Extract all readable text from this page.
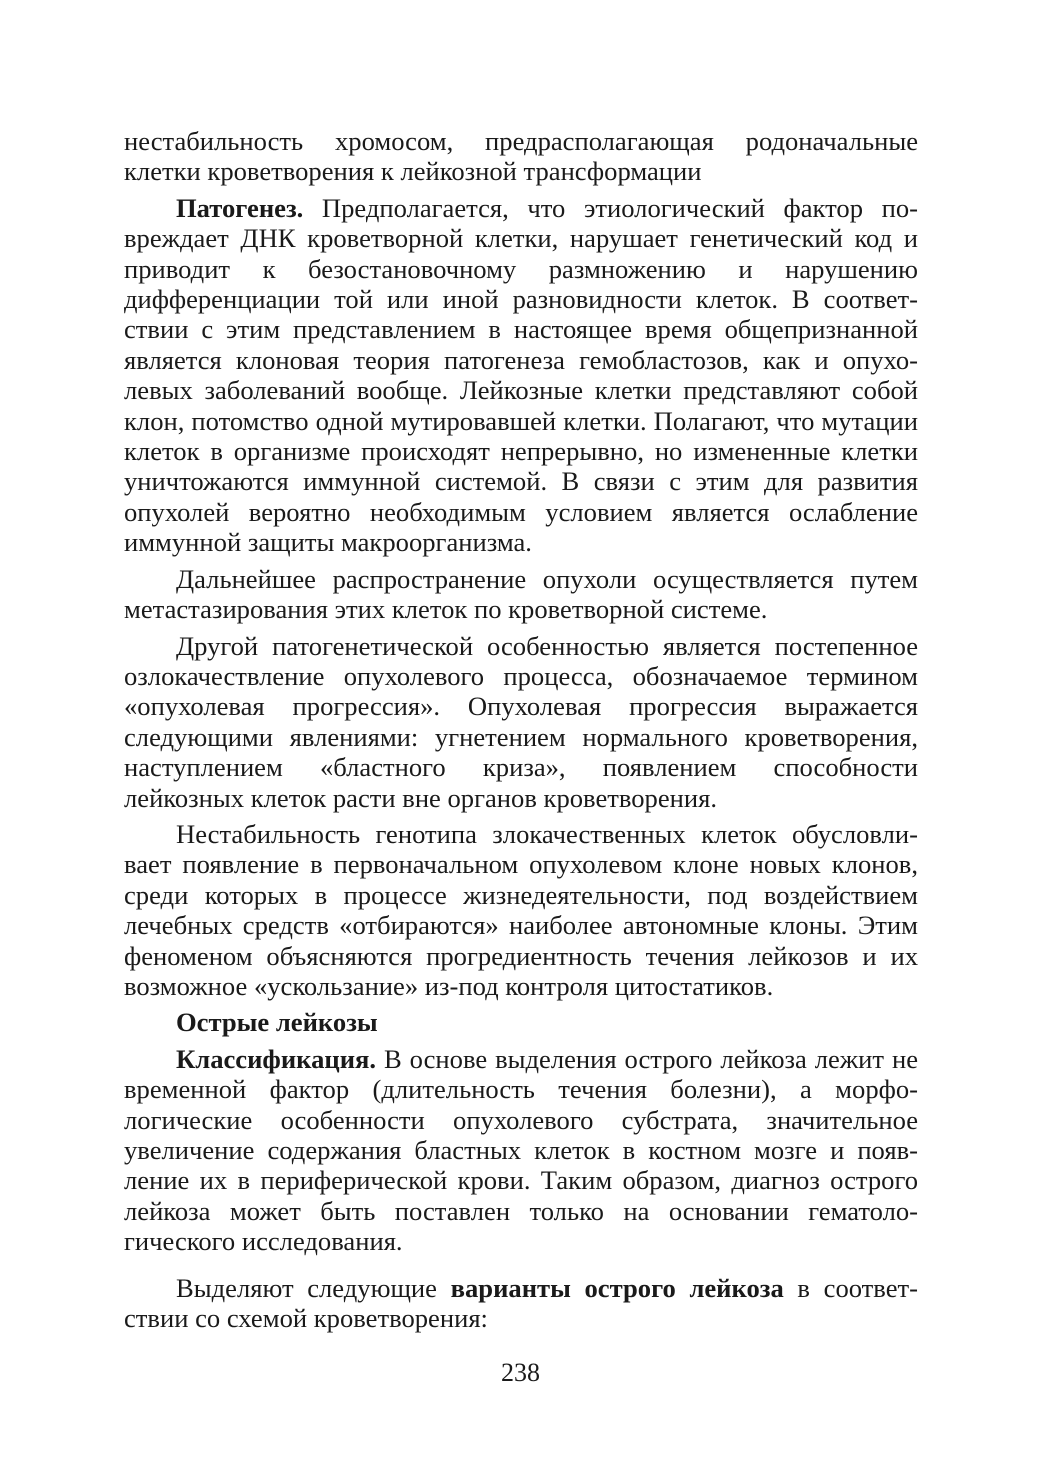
нестабильность хромосом, предрасполагающая родоначальные клетки кроветворения к лейкозной трансформации

Патогенез. Предполагается, что этиологический фактор повреждает ДНК кроветворной клетки, нарушает генетический код и приводит к безостановочному размножению и нарушению дифференциации той или иной разновидности клеток. В соответствии с этим представлением в настоящее время общепризнанной является клоновая теория патогенеза гемобластозов, как и опухолевых заболеваний вообще. Лейкозные клетки представляют собой клон, потомство одной мутировавшей клетки. Полагают, что мутации клеток в организме происходят непрерывно, но измененные клетки уничтожаются иммунной системой. В связи с этим для развития опухолей вероятно необходимым условием является ослабление иммунной защиты макроорганизма.

Дальнейшее распространение опухоли осуществляется путем метастазирования этих клеток по кроветворной системе.

Другой патогенетической особенностью является постепенное озлокачествление опухолевого процесса, обозначаемое термином «опухолевая прогрессия». Опухолевая прогрессия выражается следующими явлениями: угнетением нормального кроветворения, наступлением «бластного криза», появлением способности лейкозных клеток расти вне органов кроветворения.

Нестабильность генотипа злокачественных клеток обусловливает появление в первоначальном опухолевом клоне новых клонов, среди которых в процессе жизнедеятельности, под воздействием лечебных средств «отбираются» наиболее автономные клоны. Этим феноменом объясняются прогредиентность течения лейкозов и их возможное «ускользание» из-под контроля цитостатиков.

Острые лейкозы

Классификация. В основе выделения острого лейкоза лежит не временной фактор (длительность течения болезни), а морфологические особенности опухолевого субстрата, значительное увеличение содержания бластных клеток в костном мозге и появление их в периферической крови. Таким образом, диагноз острого лейкоза может быть поставлен только на основании гематологического исследования.

Выделяют следующие варианты острого лейкоза в соответствии со схемой кроветворения:

238
